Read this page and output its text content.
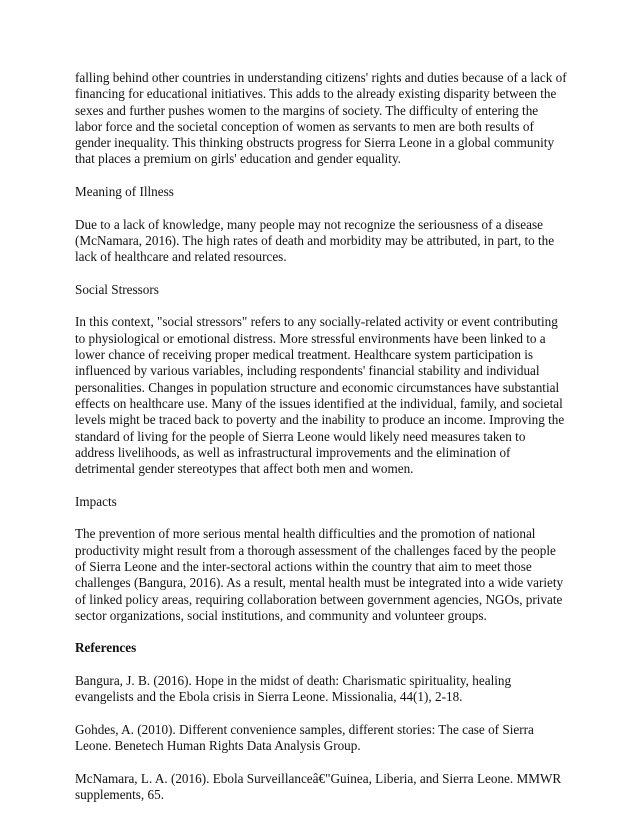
falling behind other countries in understanding citizens' rights and duties because of a lack of financing for educational initiatives. This adds to the already existing disparity between the sexes and further pushes women to the margins of society. The difficulty of entering the labor force and the societal conception of women as servants to men are both results of gender inequality. This thinking obstructs progress for Sierra Leone in a global community that places a premium on girls' education and gender equality.

Meaning of Illness

Due to a lack of knowledge, many people may not recognize the seriousness of a disease (McNamara, 2016). The high rates of death and morbidity may be attributed, in part, to the lack of healthcare and related resources.

Social Stressors

In this context, "social stressors" refers to any socially-related activity or event contributing to physiological or emotional distress. More stressful environments have been linked to a lower chance of receiving proper medical treatment. Healthcare system participation is influenced by various variables, including respondents' financial stability and individual personalities. Changes in population structure and economic circumstances have substantial effects on healthcare use. Many of the issues identified at the individual, family, and societal levels might be traced back to poverty and the inability to produce an income. Improving the standard of living for the people of Sierra Leone would likely need measures taken to address livelihoods, as well as infrastructural improvements and the elimination of detrimental gender stereotypes that affect both men and women.

Impacts

The prevention of more serious mental health difficulties and the promotion of national productivity might result from a thorough assessment of the challenges faced by the people of Sierra Leone and the inter-sectoral actions within the country that aim to meet those challenges (Bangura, 2016). As a result, mental health must be integrated into a wide variety of linked policy areas, requiring collaboration between government agencies, NGOs, private sector organizations, social institutions, and community and volunteer groups.

References

Bangura, J. B. (2016). Hope in the midst of death: Charismatic spirituality, healing evangelists and the Ebola crisis in Sierra Leone. Missionalia, 44(1), 2-18.

Gohdes, A. (2010). Different convenience samples, different stories: The case of Sierra Leone. Benetech Human Rights Data Analysis Group.

McNamara, L. A. (2016). Ebola Surveillanceâ€"Guinea, Liberia, and Sierra Leone. MMWR supplements, 65.
